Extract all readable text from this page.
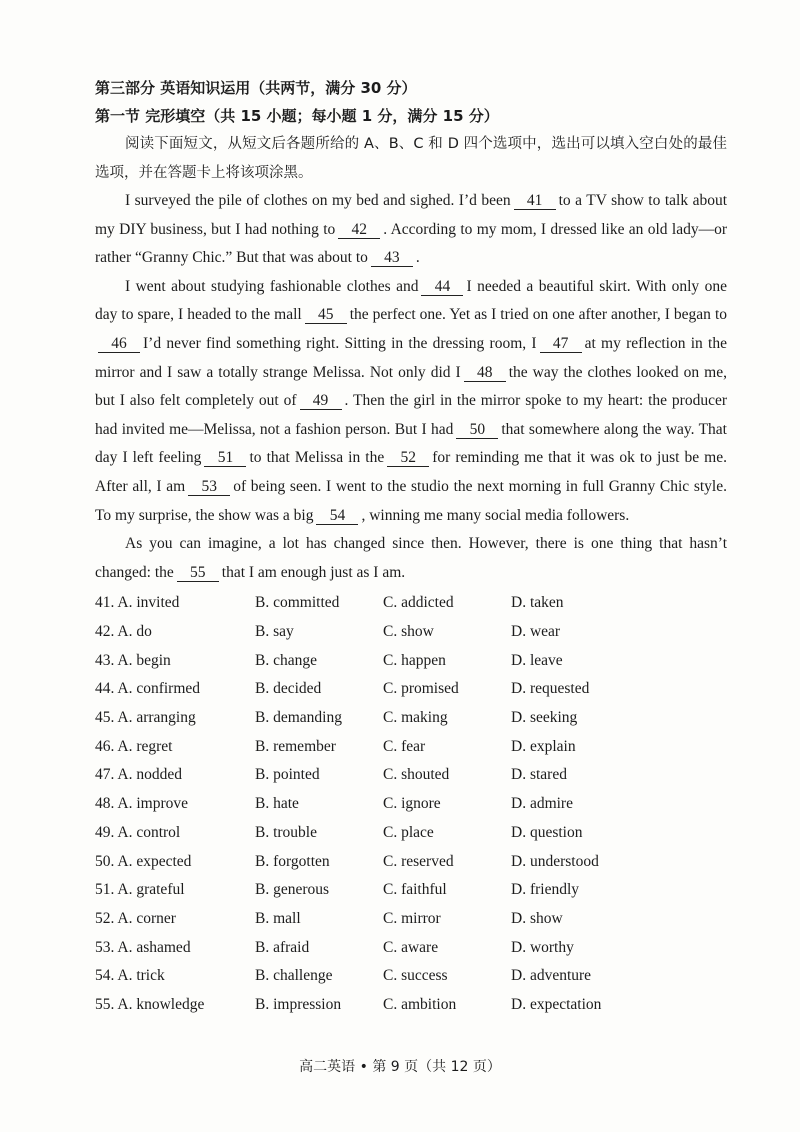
第三部分 英语知识运用（共两节，满分 30 分）
第一节 完形填空（共 15 小题；每小题 1 分，满分 15 分）

阅读下面短文，从短文后各题所给的 A、B、C 和 D 四个选项中，选出可以填入空白处的最佳选项，并在答题卡上将该项涂黑。

I surveyed the pile of clothes on my bed and sighed. I’d been 41 to a TV show to talk about my DIY business, but I had nothing to 42 . According to my mom, I dressed like an old lady—or rather “Granny Chic.” But that was about to 43 .

I went about studying fashionable clothes and 44 I needed a beautiful skirt. With only one day to spare, I headed to the mall 45 the perfect one. Yet as I tried on one after another, I began to46 I’d never find something right. Sitting in the dressing room, I 47 at my reflection in the mirror and I saw a totally strange Melissa. Not only did I 48 the way the clothes looked on me, but I also felt completely out of 49 . Then the girl in the mirror spoke to my heart: the producer had invited me—Melissa, not a fashion person. But I had 50 that somewhere along the way. That day I left feeling 51 to that Melissa in the 52 for reminding me that it was ok to just be me. After all, I am 53 of being seen. I went to the studio the next morning in full Granny Chic style. To my surprise, the show was a big 54 , winning me many social media followers.

As you can imagine, a lot has changed since then. However, there is one thing that hasn’t changed: the 55 that I am enough just as I am.

41. A. invited	B. committed	C. addicted	D. taken
42. A. do	B. say	C. show	D. wear
43. A. begin	B. change	C. happen	D. leave
44. A. confirmed	B. decided	C. promised	D. requested
45. A. arranging	B. demanding	C. making	D. seeking
46. A. regret	B. remember	C. fear	D. explain
47. A. nodded	B. pointed	C. shouted	D. stared
48. A. improve	B. hate	C. ignore	D. admire
49. A. control	B. trouble	C. place	D. question
50. A. expected	B. forgotten	C. reserved	D. understood
51. A. grateful	B. generous	C. faithful	D. friendly
52. A. corner	B. mall	C. mirror	D. show
53. A. ashamed	B. afraid	C. aware	D. worthy
54. A. trick	B. challenge	C. success	D. adventure
55. A. knowledge	B. impression	C. ambition	D. expectation
高二英语 • 第 9 页（共 12 页）
